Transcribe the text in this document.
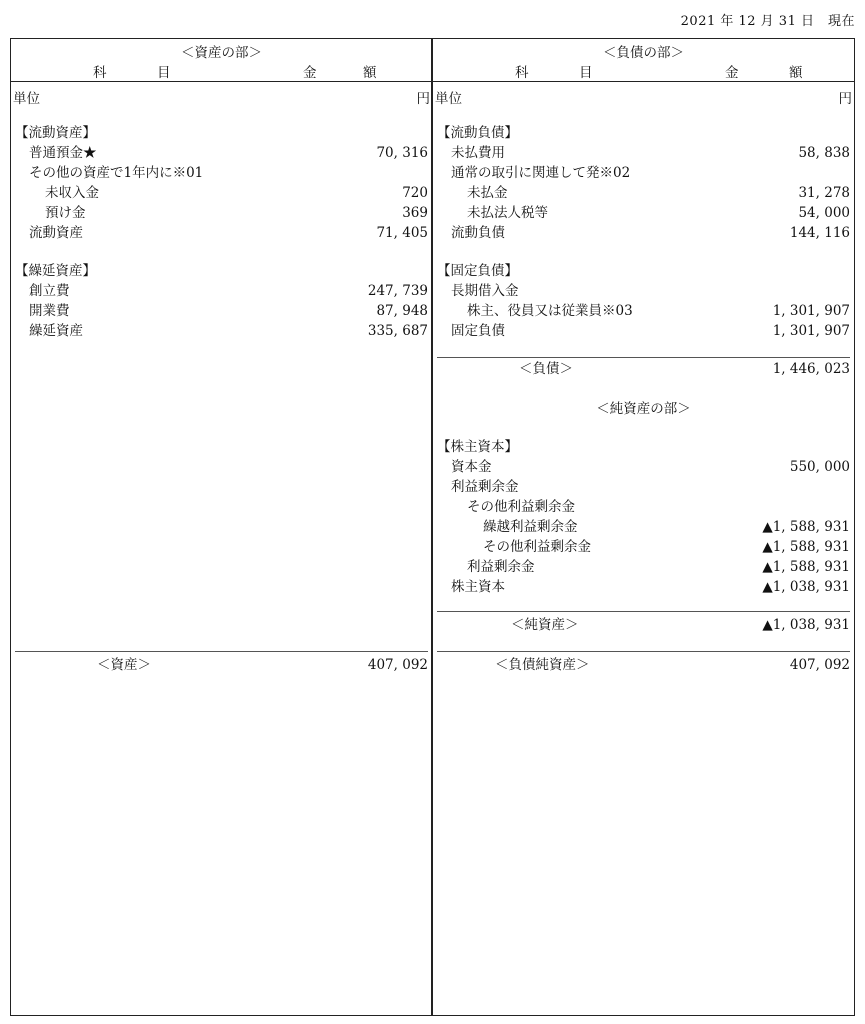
2021 年 12 月 31 日　現在
＜資産の部＞
科	目	金	額
単位	円
【流動資産】
普通預金★	70, 316
その他の資産で1年内に※01
未収入金	720
預け金	369
流動資産	71, 405
【繰延資産】
創立費	247, 739
開業費	87, 948
繰延資産	335, 687
＜資産＞	407, 092
＜負債の部＞
科	目	金	額
単位	円
【流動負債】
未払費用	58, 838
通常の取引に関連して発※02
未払金	31, 278
未払法人税等	54, 000
流動負債	144, 116
【固定負債】
長期借入金
株主、役員又は従業員※03	1, 301, 907
固定負債	1, 301, 907
＜負債＞	1, 446, 023
＜純資産の部＞
【株主資本】
資本金	550, 000
利益剰余金
その他利益剰余金
繰越利益剰余金	▲1, 588, 931
その他利益剰余金	▲1, 588, 931
利益剰余金	▲1, 588, 931
株主資本	▲1, 038, 931
＜純資産＞	▲1, 038, 931
＜負債純資産＞	407, 092
